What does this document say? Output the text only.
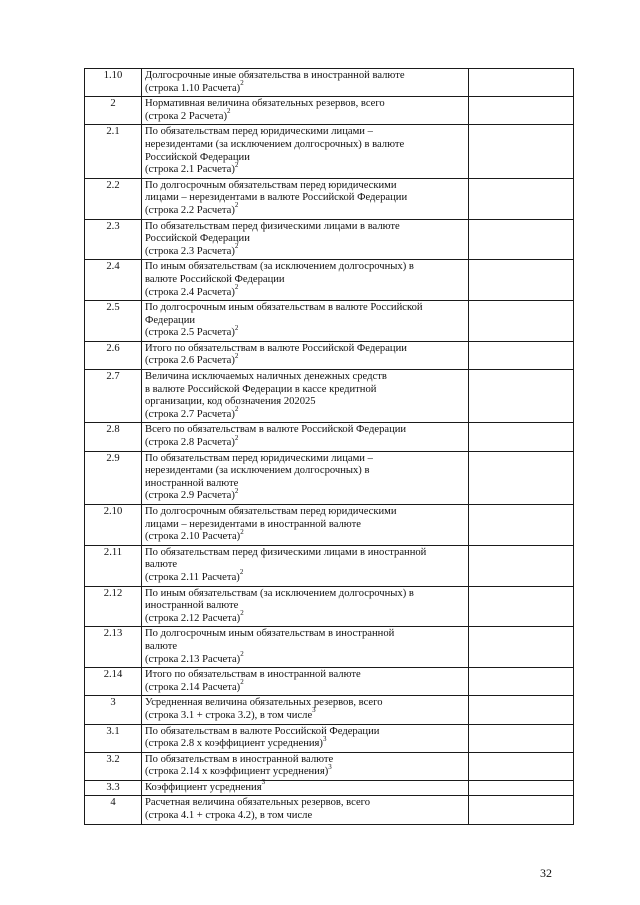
1.10	Долгосрочные иные обязательства в иностранной валюте
(строка 1.10 Расчета)$^2$

2	Нормативная величина обязательных резервов, всего
(строка 2 Расчета)$^2$

2.1	По обязательствам перед юридическими лицами –
нерезидентами (за исключением долгосрочных) в валюте
Российской Федерации
(строка 2.1 Расчета)$^2$

2.2	По долгосрочным обязательствам перед юридическими
лицами – нерезидентами в валюте Российской Федерации
(строка 2.2 Расчета)$^2$

2.3	По обязательствам перед физическими лицами в валюте
Российской Федерации
(строка 2.3 Расчета)$^2$

2.4	По иным обязательствам (за исключением долгосрочных) в
валюте Российской Федерации
(строка 2.4 Расчета)$^2$

2.5	По долгосрочным иным обязательствам в валюте Российской
Федерации
(строка 2.5 Расчета)$^2$

2.6	Итого по обязательствам в валюте Российской Федерации
(строка 2.6 Расчета)$^2$

2.7	Величина исключаемых наличных денежных средств
в валюте Российской Федерации в кассе кредитной
организации, код обозначения 202025
(строка 2.7 Расчета)$^2$

2.8	Всего по обязательствам в валюте Российской Федерации
(строка 2.8 Расчета)$^2$

2.9	По обязательствам перед юридическими лицами –
нерезидентами (за исключением долгосрочных) в
иностранной валюте
(строка 2.9 Расчета)$^2$

2.10	По долгосрочным обязательствам перед юридическими
лицами – нерезидентами в иностранной валюте
(строка 2.10 Расчета)$^2$

2.11	По обязательствам перед физическими лицами в иностранной
валюте
(строка 2.11 Расчета)$^2$

2.12	По иным обязательствам (за исключением долгосрочных) в
иностранной валюте
(строка 2.12 Расчета)$^2$

2.13	По долгосрочным иным обязательствам в иностранной
валюте
(строка 2.13 Расчета)$^2$

2.14	Итого по обязательствам в иностранной валюте
(строка 2.14 Расчета)$^2$

3	Усредненная величина обязательных резервов, всего
(строка 3.1 + строка 3.2), в том числе$^3$

3.1	По обязательствам в валюте Российской Федерации
(строка 2.8 х коэффициент усреднения)$^3$

3.2	По обязательствам в иностранной валюте
(строка 2.14 х коэффициент усреднения)$^3$

3.3	Коэффициент усреднения$^3$

4	Расчетная величина обязательных резервов, всего
(строка 4.1 + строка 4.2), в том числе	

32
